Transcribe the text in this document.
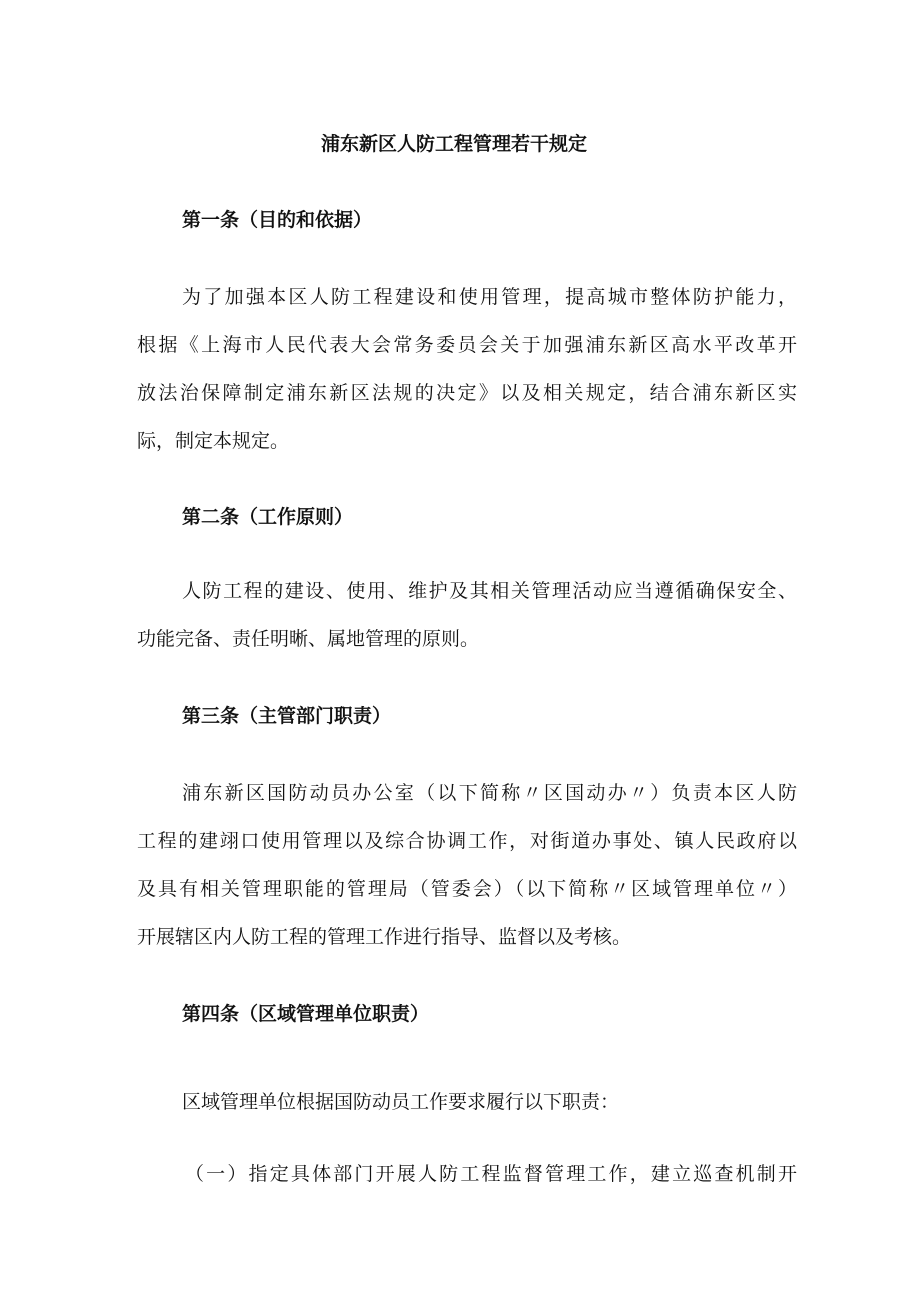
浦东新区人防工程管理若干规定
第一条（目的和依据）
为了加强本区人防工程建设和使用管理，提高城市整体防护能力，
根据《上海市人民代表大会常务委员会关于加强浦东新区高水平改革开
放法治保障制定浦东新区法规的决定》以及相关规定，结合浦东新区实
际，制定本规定。
第二条（工作原则）
人防工程的建设、使用、维护及其相关管理活动应当遵循确保安全、
功能完备、责任明晰、属地管理的原则。
第三条（主管部门职责）
浦东新区国防动员办公室（以下简称〃区国动办〃）负责本区人防
工程的建翊口使用管理以及综合协调工作，对街道办事处、镇人民政府以
及具有相关管理职能的管理局（管委会）（以下简称〃区域管理单位〃）
开展辖区内人防工程的管理工作进行指导、监督以及考核。
第四条（区域管理单位职责）
区域管理单位根据国防动员工作要求履行以下职责：
（一）指定具体部门开展人防工程监督管理工作，建立巡查机制开
